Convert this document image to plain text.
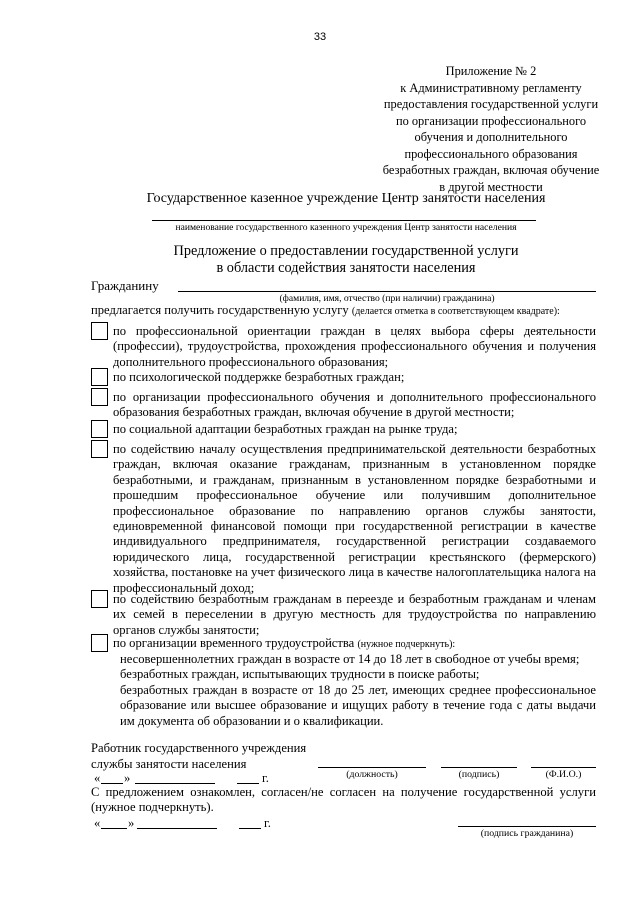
33
Приложение № 2
к Административному регламенту
предоставления государственной услуги
по организации профессионального
обучения и дополнительного
профессионального образования
безработных граждан, включая обучение
в другой местности
Государственное казенное учреждение Центр занятости населения
наименование государственного казенного учреждения Центр занятости населения
Предложение о предоставлении государственной услуги
в области содействия занятости населения
Гражданину
(фамилия, имя, отчество (при наличии) гражданина)
предлагается получить государственную услугу (делается отметка в соответствующем квадрате):
по профессиональной ориентации граждан в целях выбора сферы деятельности (профессии), трудоустройства, прохождения профессионального обучения и получения дополнительного профессионального образования;
по психологической поддержке безработных граждан;
по организации профессионального обучения и дополнительного профессионального образования безработных граждан, включая обучение в другой местности;
по социальной адаптации безработных граждан на рынке труда;
по содействию началу осуществления предпринимательской деятельности безработных граждан, включая оказание гражданам, признанным в установленном порядке безработными, и гражданам, признанным в установленном порядке безработными и прошедшим профессиональное обучение или получившим дополнительное профессиональное образование по направлению органов службы занятости, единовременной финансовой помощи при государственной регистрации в качестве индивидуального предпринимателя, государственной регистрации создаваемого юридического лица, государственной регистрации крестьянского (фермерского) хозяйства, постановке на учет физического лица в качестве налогоплательщика налога на профессиональный доход;
по содействию безработным гражданам в переезде и безработным гражданам и членам их семей в переселении в другую местность для трудоустройства по направлению органов службы занятости;
по организации временного трудоустройства (нужное подчеркнуть):
несовершеннолетних граждан в возрасте от 14 до 18 лет в свободное от учебы время;
безработных граждан, испытывающих трудности в поиске работы;
безработных граждан в возрасте от 18 до 25 лет, имеющих среднее профессиональное образование или высшее образование и ищущих работу в течение года с даты выдачи им документа об образовании и о квалификации.
Работник государственного учреждения
службы занятости населения
« »	г.	(должность)	(подпись)	(Ф.И.О.)
С предложением ознакомлен, согласен/не согласен на получение государственной услуги (нужное подчеркнуть).
« »	г.
(подпись гражданина)
